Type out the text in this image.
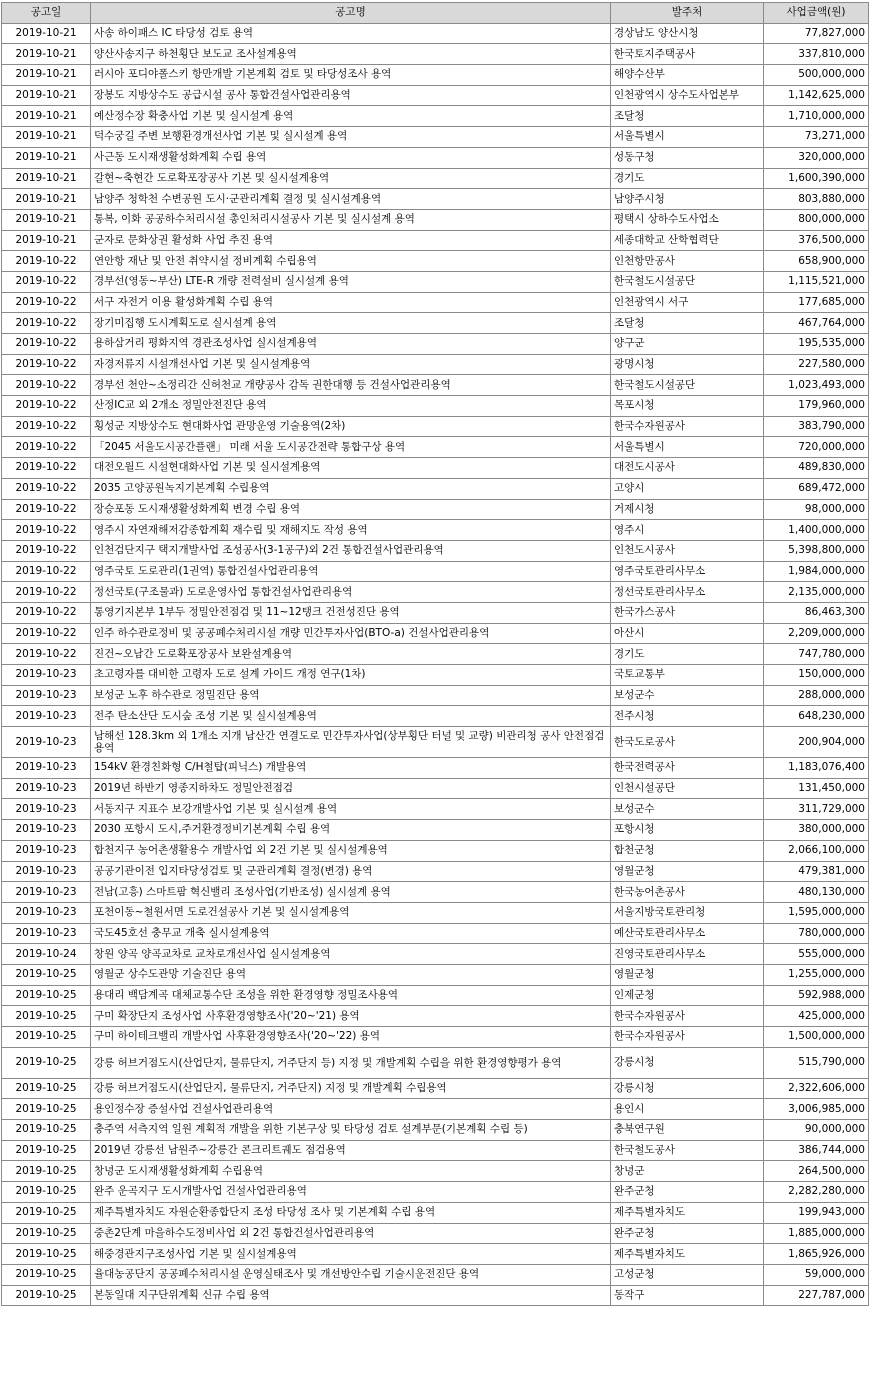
공고일	공고명	발주처	사업금액(원)
2019-10-21	사송 하이패스 IC 타당성 검토 용역	경상남도 양산시청	77,827,000
2019-10-21	양산사송지구 하천횡단 보도교 조사설계용역	한국토지주택공사	337,810,000
2019-10-21	러시아 포디야폴스키 항만개발 기본계획 검토 및 타당성조사 용역	해양수산부	500,000,000
2019-10-21	장봉도 지방상수도 공급시설 공사 통합건설사업관리용역	인천광역시 상수도사업본부	1,142,625,000
2019-10-21	예산정수장 확충사업 기본 및 실시설계 용역	조달청	1,710,000,000
2019-10-21	덕수궁길 주변 보행환경개선사업 기본 및 실시설계 용역	서울특별시	73,271,000
2019-10-21	사근동 도시재생활성화계획 수립 용역	성동구청	320,000,000
2019-10-21	갈현~축현간 도로확포장공사 기본 및 실시설계용역	경기도	1,600,390,000
2019-10-21	남양주 청학천 수변공원 도시·군관리계획 결정 및 실시설계용역	남양주시청	803,880,000
2019-10-21	통복, 이화 공공하수처리시설 총인처리시설공사 기본 및 실시설계 용역	평택시 상하수도사업소	800,000,000
2019-10-21	군자로 문화상권 활성화 사업 추진 용역	세종대학교 산학협력단	376,500,000
2019-10-22	연안항 재난 및 안전 취약시설 정비계획 수립용역	인천항만공사	658,900,000
2019-10-22	경부선(영동~부산) LTE-R 개량 전력설비 실시설계 용역	한국철도시설공단	1,115,521,000
2019-10-22	서구 자전거 이용 활성화계획 수립 용역	인천광역시 서구	177,685,000
2019-10-22	장기미집행 도시계획도로 실시설계 용역	조달청	467,764,000
2019-10-22	용하삼거리 평화지역 경관조성사업 실시설계용역	양구군	195,535,000
2019-10-22	자경저류지 시설개선사업 기본 및 실시설계용역	광명시청	227,580,000
2019-10-22	경부선 천안~소정리간 신허천교 개량공사 감독 권한대행 등 건설사업관리용역	한국철도시설공단	1,023,493,000
2019-10-22	산정IC교 외 2개소 정밀안전진단 용역	목포시청	179,960,000
2019-10-22	횡성군 지방상수도 현대화사업 관망운영 기술용역(2차)	한국수자원공사	383,790,000
2019-10-22	「2045 서울도시공간플랜」 미래 서울 도시공간전략 통합구상 용역	서울특별시	720,000,000
2019-10-22	대전오월드 시설현대화사업 기본 및 실시설계용역	대전도시공사	489,830,000
2019-10-22	2035 고양공원녹지기본계획 수립용역	고양시	689,472,000
2019-10-22	장승포동 도시재생활성화계획 변경 수립 용역	거제시청	98,000,000
2019-10-22	영주시 자연재해저감종합계획 재수립 및 재해지도 작성 용역	영주시	1,400,000,000
2019-10-22	인천검단지구 택지개발사업 조성공사(3-1공구)외 2건 통합건설사업관리용역	인천도시공사	5,398,800,000
2019-10-22	영주국토 도로관리(1권역) 통합건설사업관리용역	영주국토관리사무소	1,984,000,000
2019-10-22	정선국토(구조물과) 도로운영사업 통합건설사업관리용역	정선국토관리사무소	2,135,000,000
2019-10-22	통영기지본부 1부두 정밀안전점검 및 11~12탱크 건전성진단 용역	한국가스공사	86,463,300
2019-10-22	인주 하수관로정비 및 공공폐수처리시설 개량 민간투자사업(BTO-a) 건설사업관리용역	아산시	2,209,000,000
2019-10-22	진건~오남간 도로확포장공사 보완설계용역	경기도	747,780,000
2019-10-23	초고령자를 대비한 고령자 도로 설계 가이드 개정 연구(1차)	국토교통부	150,000,000
2019-10-23	보성군 노후 하수관로 정밀진단 용역	보성군수	288,000,000
2019-10-23	전주 탄소산단 도시숲 조성 기본 및 실시설계용역	전주시청	648,230,000
2019-10-23	남해선 128.3km 외 1개소 지개 남산간 연결도로 민간투자사업(상부횡단 터널 및 교량) 비관리청 공사 안전점검 용역	한국도로공사	200,904,000
2019-10-23	154kV 환경친화형 C/H철탑(피닉스) 개발용역	한국전력공사	1,183,076,400
2019-10-23	2019년 하반기 영종지하차도 정밀안전점검	인천시설공단	131,450,000
2019-10-23	서동지구 지표수 보강개발사업 기본 및 실시설계 용역	보성군수	311,729,000
2019-10-23	2030 포항시 도시,주거환경정비기본계획 수립 용역	포항시청	380,000,000
2019-10-23	합천지구 농어촌생활용수 개발사업 외 2건 기본 및 실시설계용역	합천군청	2,066,100,000
2019-10-23	공공기관이전 입지타당성검토 및 군관리계획 결정(변경) 용역	영월군청	479,381,000
2019-10-23	전남(고흥) 스마트팜 혁신밸리 조성사업(기반조성) 실시설계 용역	한국농어촌공사	480,130,000
2019-10-23	포천이동~철원서면 도로건설공사 기본 및 실시설계용역	서울지방국토관리청	1,595,000,000
2019-10-23	국도45호선 충무교 개축 실시설계용역	예산국토관리사무소	780,000,000
2019-10-24	창원 양곡 양곡교차로 교차로개선사업 실시설계용역	진영국토관리사무소	555,000,000
2019-10-25	영월군 상수도관망 기술진단 용역	영월군청	1,255,000,000
2019-10-25	용대리 백담계곡 대체교통수단 조성을 위한 환경영향 정밀조사용역	인제군청	592,988,000
2019-10-25	구미 확장단지 조성사업 사후환경영향조사('20~'21) 용역	한국수자원공사	425,000,000
2019-10-25	구미 하이테크밸리 개발사업 사후환경영향조사('20~'22) 용역	한국수자원공사	1,500,000,000
2019-10-25	강릉 허브거점도시(산업단지, 물류단지, 거주단지 등) 지정 및 개발계획 수립을 위한 환경영향평가 용역	강릉시청	515,790,000
2019-10-25	강릉 허브거점도시(산업단지, 물류단지, 거주단지) 지정 및 개발계획 수립용역	강릉시청	2,322,606,000
2019-10-25	용인정수장 증설사업 건설사업관리용역	용인시	3,006,985,000
2019-10-25	충주역 서측지역 일원 계획적 개발을 위한 기본구상 및 타당성 검토 설계부문(기본계획 수립 등)	충북연구원	90,000,000
2019-10-25	2019년 강릉선 남원주~강릉간 콘크리트궤도 점검용역	한국철도공사	386,744,000
2019-10-25	창녕군 도시재생활성화계획 수립용역	창녕군	264,500,000
2019-10-25	완주 운곡지구 도시개발사업 건설사업관리용역	완주군청	2,282,280,000
2019-10-25	제주특별자치도 자원순환종합단지 조성 타당성 조사 및 기본계획 수립 용역	제주특별자치도	199,943,000
2019-10-25	중촌2단계 마을하수도정비사업 외 2건 통합건설사업관리용역	완주군청	1,885,000,000
2019-10-25	해중경관지구조성사업 기본 및 실시설계용역	제주특별자치도	1,865,926,000
2019-10-25	율대농공단지 공공폐수처리시설 운영실태조사 및 개선방안수립 기술시운전진단 용역	고성군청	59,000,000
2019-10-25	본동일대 지구단위계획 신규 수립 용역	동작구	227,787,000
